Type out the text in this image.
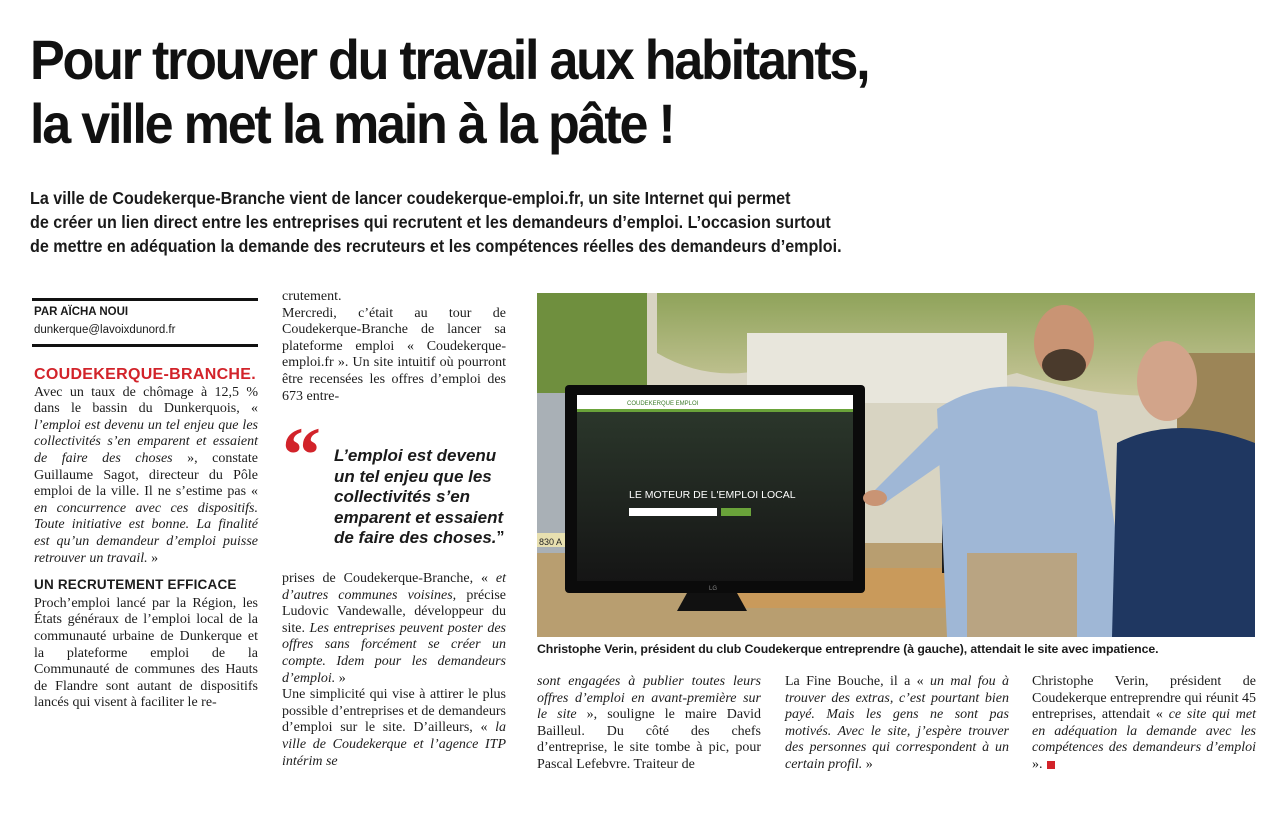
Pour trouver du travail aux habitants,
la ville met la main à la pâte !
La ville de Coudekerque-Branche vient de lancer coudekerque-emploi.fr, un site Internet qui permet
de créer un lien direct entre les entreprises qui recrutent et les demandeurs d’emploi. L’occasion surtout
de mettre en adéquation la demande des recruteurs et les compétences réelles des demandeurs d’emploi.
PAR AÏCHA NOUI
dunkerque@lavoixdunord.fr

COUDEKERQUE-BRANCHE. Avec un taux de chômage à 12,5 % dans le bassin du Dunkerquois, « l’emploi est devenu un tel enjeu que les collectivités s’en emparent et essaient de faire des choses », constate Guillaume Sagot, directeur du Pôle emploi de la ville. Il ne s’estime pas « en concurrence avec ces dispositifs. Toute initiative est bonne. La finalité est qu’un demandeur d’emploi puisse retrouver un travail. »

UN RECRUTEMENT EFFICACE

Proch’emploi lancé par la Région, les États généraux de l’emploi local de la communauté urbaine de Dunkerque et la plateforme emploi de la Communauté de communes des Hauts de Flandre sont autant de dispositifs lancés qui visent à faciliter le re-

crutement.

Mercredi, c’était au tour de Coudekerque-Branche de lancer sa plateforme emploi « Coudekerque-emploi.fr ». Un site intuitif où pourront être recensées les offres d’emploi des 673 entre-

“ L’emploi est devenu un tel enjeu que les collectivités s’en emparent et essaient de faire des choses.”

prises de Coudekerque-Branche, « et d’autres communes voisines, précise Ludovic Vandewalle, développeur du site. Les entreprises peuvent poster des offres sans forcément se créer un compte. Idem pour les demandeurs d’emploi. »

Une simplicité qui vise à attirer le plus possible d’entreprises et de demandeurs d’emploi sur le site. D’ailleurs, « la ville de Coudekerque et l’agence ITP intérim se

830 A
COUDEKERQUE EMPLOI
LE MOTEUR DE L'EMPLOI LOCAL
LG
Christophe Verin, président du club Coudekerque entreprendre (à gauche), attendait le site avec impatience.

sont engagées à publier toutes leurs offres d’emploi en avant-première sur le site », souligne le maire David Bailleul. Du côté des chefs d’entreprise, le site tombe à pic, pour Pascal Lefebvre. Traiteur de

La Fine Bouche, il a « un mal fou à trouver des extras, c’est pourtant bien payé. Mais les gens ne sont pas motivés. Avec le site, j’espère trouver des personnes qui correspondent à un certain profil. »

Christophe Verin, président de Coudekerque entreprendre qui réunit 45 entreprises, attendait « ce site qui met en adéquation la demande avec les compétences des demandeurs d’emploi ».
